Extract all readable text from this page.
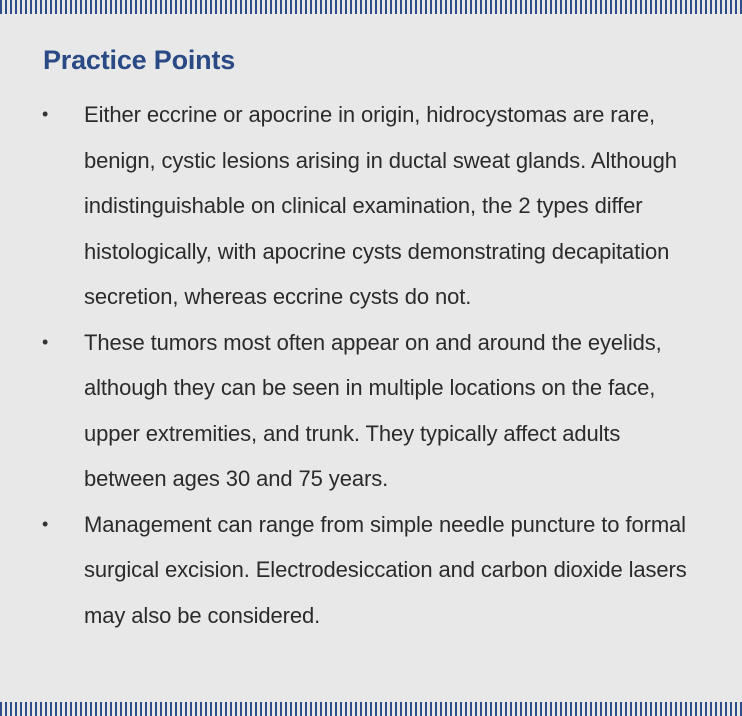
Practice Points
• Either eccrine or apocrine in origin, hidrocystomas are rare, benign, cystic lesions arising in ductal sweat glands. Although indistinguishable on clinical examination, the 2 types differ histologically, with apocrine cysts demonstrating decapitation secretion, whereas eccrine cysts do not.
• These tumors most often appear on and around the eyelids, although they can be seen in multiple locations on the face, upper extremities, and trunk. They typically affect adults between ages 30 and 75 years.
• Management can range from simple needle puncture to formal surgical excision. Electrodesiccation and carbon dioxide lasers may also be considered.
